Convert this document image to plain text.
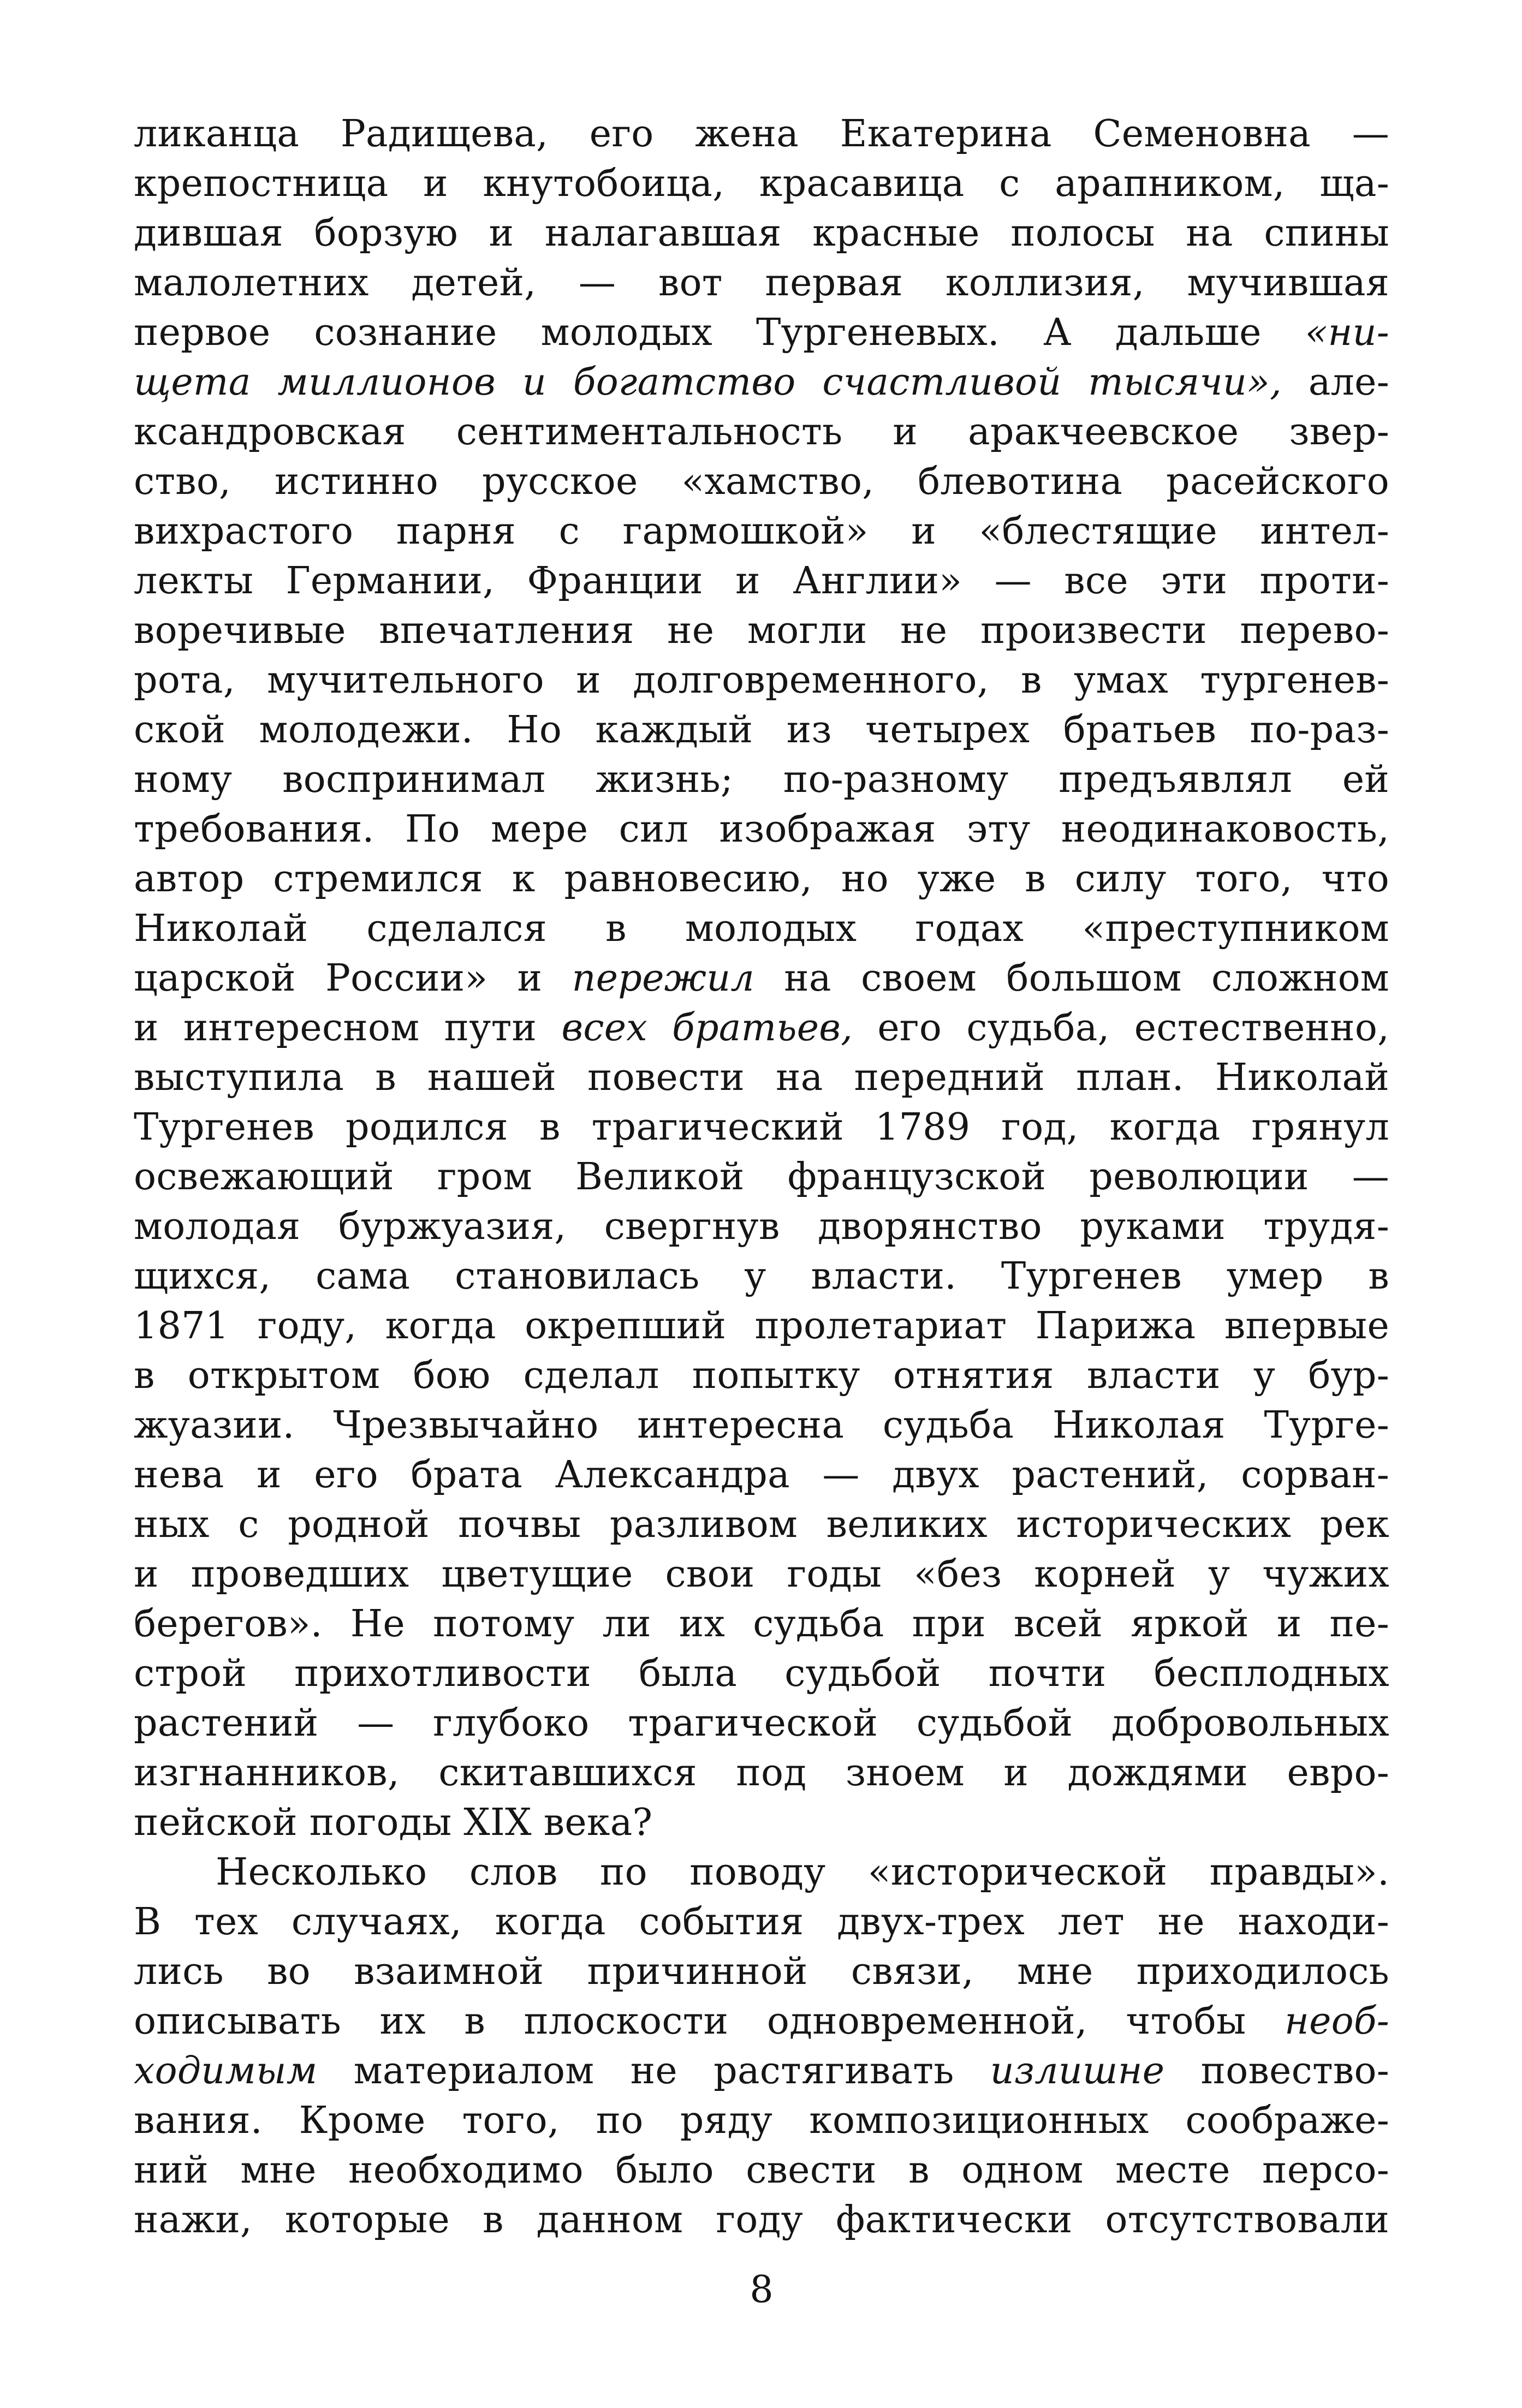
ликанца Радищева, его жена Екатерина Семеновна —
крепостница и кнутобоица, красавица с арапником, ща-
дившая борзую и налагавшая красные полосы на спины
малолетних детей, — вот первая коллизия, мучившая
первое сознание молодых Тургеневых. А дальше «ни-
щета миллионов и богатство счастливой тысячи», але-
ксандровская сентиментальность и аракчеевское звер-
ство, истинно русское «хамство, блевотина расейского
вихрастого парня с гармошкой» и «блестящие интел-
лекты Германии, Франции и Англии» — все эти проти-
воречивые впечатления не могли не произвести перево-
рота, мучительного и долговременного, в умах тургенев-
ской молодежи. Но каждый из четырех братьев по-раз-
ному воспринимал жизнь; по-разному предъявлял ей
требования. По мере сил изображая эту неодинаковость,
автор стремился к равновесию, но уже в силу того, что
Николай сделался в молодых годах «преступником
царской России» и пережил на своем большом сложном
и интересном пути всех братьев, его судьба, естественно,
выступила в нашей повести на передний план. Николай
Тургенев родился в трагический 1789 год, когда грянул
освежающий гром Великой французской революции —
молодая буржуазия, свергнув дворянство руками трудя-
щихся, сама становилась у власти. Тургенев умер в
1871 году, когда окрепший пролетариат Парижа впервые
в открытом бою сделал попытку отнятия власти у бур-
жуазии. Чрезвычайно интересна судьба Николая Турге-
нева и его брата Александра — двух растений, сорван-
ных с родной почвы разливом великих исторических рек
и проведших цветущие свои годы «без корней у чужих
берегов». Не потому ли их судьба при всей яркой и пе-
строй прихотливости была судьбой почти бесплодных
растений — глубоко трагической судьбой добровольных
изгнанников, скитавшихся под зноем и дождями евро-
пейской погоды XIX века?
Несколько слов по поводу «исторической правды».
В тех случаях, когда события двух-трех лет не находи-
лись во взаимной причинной связи, мне приходилось
описывать их в плоскости одновременной, чтобы необ-
ходимым материалом не растягивать излишне повество-
вания. Кроме того, по ряду композиционных соображе-
ний мне необходимо было свести в одном месте персо-
нажи, которые в данном году фактически отсутствовали
8
